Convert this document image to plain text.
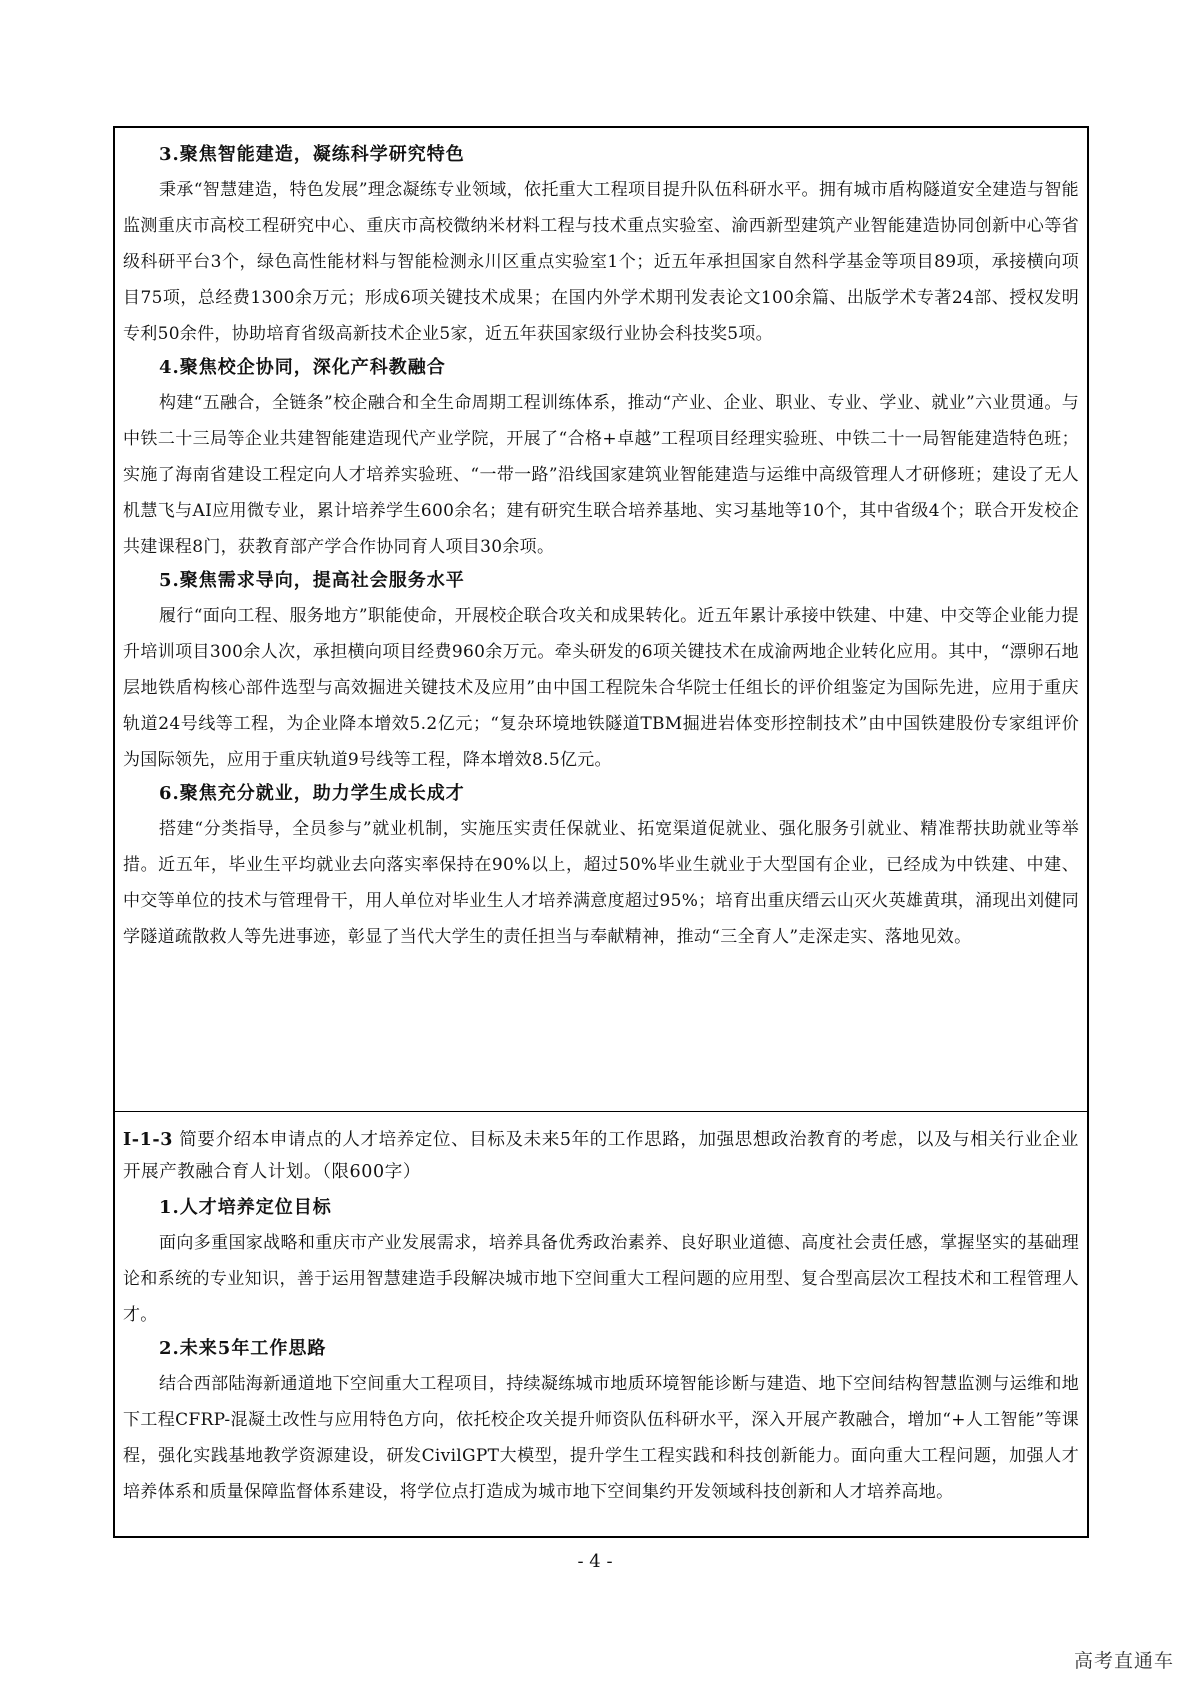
3.聚焦智能建造，凝练科学研究特色

秉承“智慧建造，特色发展”理念凝练专业领域，依托重大工程项目提升队伍科研水平。拥有城市盾构隧道安全建造与智能监测重庆市高校工程研究中心、重庆市高校微纳米材料工程与技术重点实验室、渝西新型建筑产业智能建造协同创新中心等省级科研平台3个，绿色高性能材料与智能检测永川区重点实验室1个；近五年承担国家自然科学基金等项目89项，承接横向项目75项，总经费1300余万元；形成6项关键技术成果；在国内外学术期刊发表论文100余篇、出版学术专著24部、授权发明专利50余件，协助培育省级高新技术企业5家，近五年获国家级行业协会科技奖5项。

4.聚焦校企协同，深化产科教融合

构建“五融合，全链条”校企融合和全生命周期工程训练体系，推动“产业、企业、职业、专业、学业、就业”六业贯通。与中铁二十三局等企业共建智能建造现代产业学院，开展了“合格+卓越”工程项目经理实验班、中铁二十一局智能建造特色班；实施了海南省建设工程定向人才培养实验班、“一带一路”沿线国家建筑业智能建造与运维中高级管理人才研修班；建设了无人机慧飞与AI应用微专业，累计培养学生600余名；建有研究生联合培养基地、实习基地等10个，其中省级4个；联合开发校企共建课程8门，获教育部产学合作协同育人项目30余项。

5.聚焦需求导向，提高社会服务水平

履行“面向工程、服务地方”职能使命，开展校企联合攻关和成果转化。近五年累计承接中铁建、中建、中交等企业能力提升培训项目300余人次，承担横向项目经费960余万元。牵头研发的6项关键技术在成渝两地企业转化应用。其中，“漂卵石地层地铁盾构核心部件选型与高效掘进关键技术及应用”由中国工程院朱合华院士任组长的评价组鉴定为国际先进，应用于重庆轨道24号线等工程，为企业降本增效5.2亿元；“复杂环境地铁隧道TBM掘进岩体变形控制技术”由中国铁建股份专家组评价为国际领先，应用于重庆轨道9号线等工程，降本增效8.5亿元。

6.聚焦充分就业，助力学生成长成才

搭建“分类指导，全员参与”就业机制，实施压实责任保就业、拓宽渠道促就业、强化服务引就业、精准帮扶助就业等举措。近五年，毕业生平均就业去向落实率保持在90%以上，超过50%毕业生就业于大型国有企业，已经成为中铁建、中建、中交等单位的技术与管理骨干，用人单位对毕业生人才培养满意度超过95%；培育出重庆缙云山灭火英雄黄琪，涌现出刘健同学隧道疏散救人等先进事迹，彰显了当代大学生的责任担当与奉献精神，推动“三全育人”走深走实、落地见效。

I-1-3 简要介绍本申请点的人才培养定位、目标及未来5年的工作思路，加强思想政治教育的考虑，以及与相关行业企业开展产教融合育人计划。（限600字）

1.人才培养定位目标

面向多重国家战略和重庆市产业发展需求，培养具备优秀政治素养、良好职业道德、高度社会责任感，掌握坚实的基础理论和系统的专业知识，善于运用智慧建造手段解决城市地下空间重大工程问题的应用型、复合型高层次工程技术和工程管理人才。

2.未来5年工作思路

结合西部陆海新通道地下空间重大工程项目，持续凝练城市地质环境智能诊断与建造、地下空间结构智慧监测与运维和地下工程CFRP-混凝土改性与应用特色方向，依托校企攻关提升师资队伍科研水平，深入开展产教融合，增加“+人工智能”等课程，强化实践基地教学资源建设，研发CivilGPT大模型，提升学生工程实践和科技创新能力。面向重大工程问题，加强人才培养体系和质量保障监督体系建设，将学位点打造成为城市地下空间集约开发领域科技创新和人才培养高地。

- 4 -
高考直通车
